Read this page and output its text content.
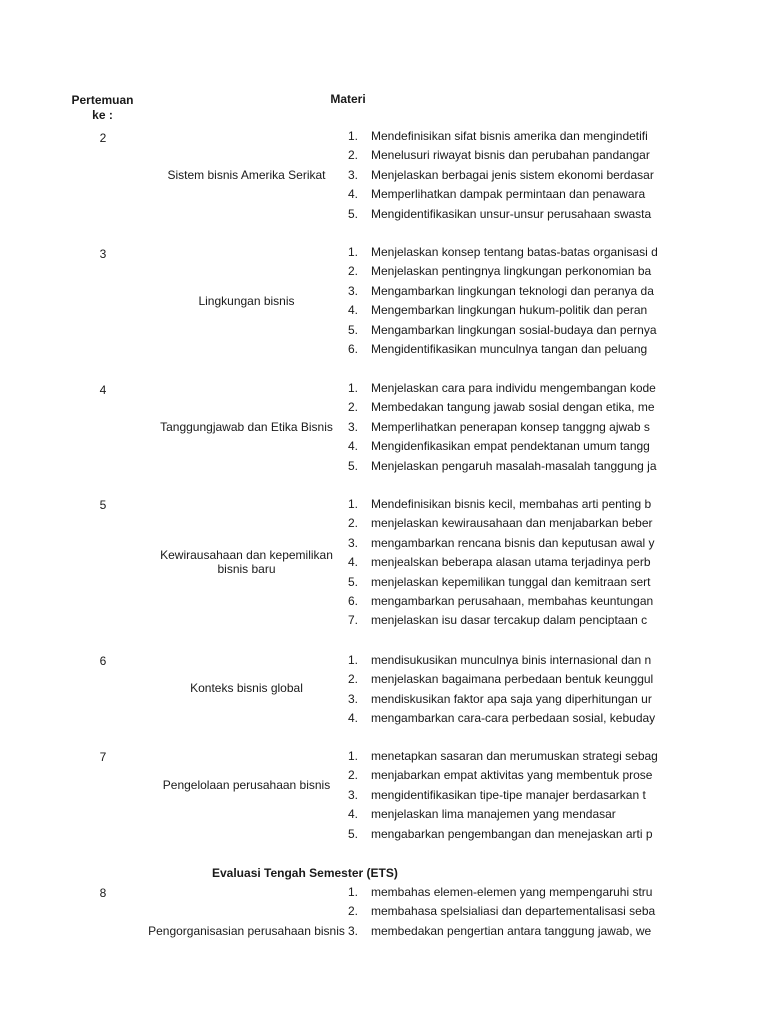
Pertemuan
ke :
Materi
2
Sistem bisnis Amerika Serikat
1.	Mendefinisikan sifat bisnis amerika dan mengindetifi
2.	Menelusuri riwayat bisnis dan perubahan pandangar
3.	Menjelaskan berbagai jenis sistem ekonomi berdasar
4.	Memperlihatkan dampak permintaan dan penawara
5.	Mengidentifikasikan unsur-unsur perusahaan swasta
3
Lingkungan bisnis
1.	Menjelaskan konsep tentang batas-batas organisasi d
2.	Menjelaskan pentingnya lingkungan perkonomian ba
3.	Mengambarkan lingkungan teknologi dan peranya da
4.	Mengembarkan lingkungan hukum-politik dan peran
5.	Mengambarkan lingkungan sosial-budaya dan pernya
6.	Mengidentifikasikan munculnya tangan dan peluang
4
Tanggungjawab dan Etika Bisnis
1.	Menjelaskan cara para individu mengembangan kode
2.	Membedakan tangung jawab sosial dengan etika, me
3.	Memperlihatkan penerapan konsep tanggng ajwab s
4.	Mengidenfikasikan empat pendektanan umum tangg
5.	Menjelaskan pengaruh masalah-masalah tanggung ja
5
Kewirausahaan dan kepemilikan bisnis baru
1.	Mendefinisikan bisnis kecil, membahas arti penting b
2.	menjelaskan kewirausahaan dan menjabarkan beber
3.	mengambarkan rencana bisnis dan keputusan awal y
4.	menjealskan beberapa alasan utama terjadinya perb
5.	menjelaskan kepemilikan tunggal dan kemitraan sert
6.	mengambarkan perusahaan, membahas keuntungan
7.	menjelaskan isu dasar tercakup dalam penciptaan c
6
Konteks bisnis global
1.	mendisukusikan munculnya binis internasional dan n
2.	menjelaskan bagaimana perbedaan bentuk keunggul
3.	mendiskusikan faktor apa saja yang diperhitungan ur
4.	mengambarkan cara-cara perbedaan sosial, kebuday
7
Pengelolaan perusahaan bisnis
1.	menetapkan sasaran dan merumuskan strategi sebag
2.	menjabarkan empat aktivitas yang membentuk prose
3.	mengidentifikasikan tipe-tipe manajer berdasarkan t
4.	menjelaskan lima manajemen yang mendasar
5.	mengabarkan pengembangan dan menejaskan arti p
Evaluasi Tengah Semester (ETS)
8
Pengorganisasian perusahaan bisnis
1.	membahas elemen-elemen yang mempengaruhi stru
2.	membahasa spelsialiasi dan departementalisasi seba
3.	membedakan pengertian antara tanggung jawab, we
